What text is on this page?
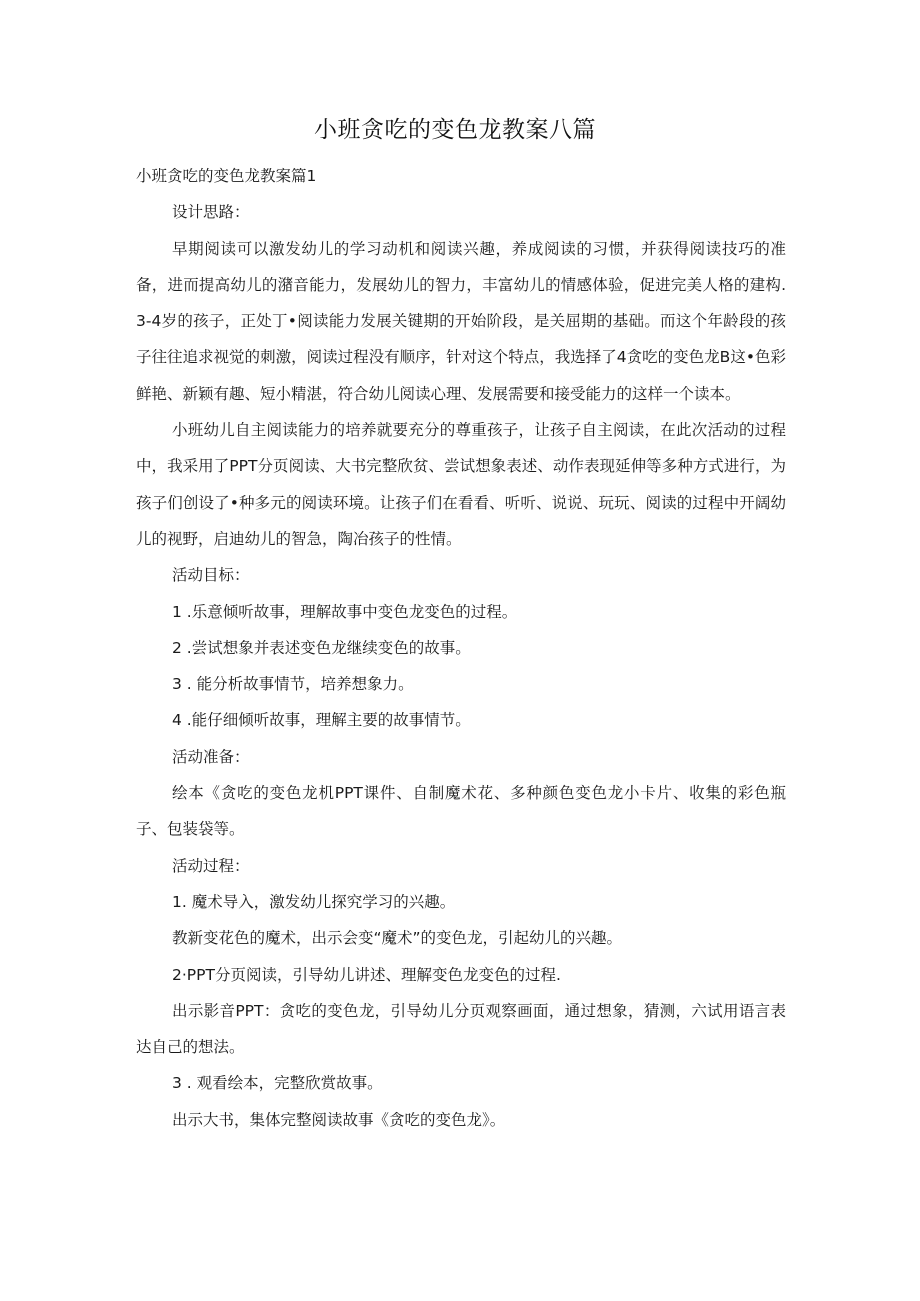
小班贪吃的变色龙教案八篇

小班贪吃的变色龙教案篇1

设计思路：

早期阅读可以激发幼儿的学习动机和阅读兴趣，养成阅读的习惯，并获得阅读技巧的准备，进而提高幼儿的潴音能力，发展幼儿的智力，丰富幼儿的情感体验，促进完美人格的建构. 3-4岁的孩子，正处丁•阅读能力发展关键期的开始阶段，是关屈期的基础。而这个年龄段的孩子往往追求视觉的刺激，阅读过程没有顺序，针对这个特点，我选择了4贪吃的变色龙B这•色彩鲜艳、新颖有趣、短小精湛，符合幼儿阅读心理、发展需要和接受能力的这样一个读本。

小班幼儿自主阅读能力的培养就要充分的尊重孩子，让孩子自主阅读，在此次活动的过程中，我采用了PPT分页阅读、大书完整欣贫、尝试想象表述、动作表现延伸等多种方式进行，为孩子们创设了•种多元的阅读环境。让孩子们在看看、听听、说说、玩玩、阅读的过程中开阔幼儿的视野，启迪幼儿的智急，陶冶孩子的性情。

活动目标：

1 .乐意倾听故事，理解故事中变色龙变色的过程。

2 .尝试想象并表述变色龙继续变色的故事。

3 . 能分析故事情节，培养想象力。

4 .能仔细倾听故事，理解主要的故事情节。

活动准备：

绘本《贪吃的变色龙机PPT课件、自制魔术花、多种颜色变色龙小卡片、收集的彩色瓶子、包装袋等。

活动过程：

1. 魔术导入，激发幼儿探究学习的兴趣。

教新变花色的魔术，出示会变“魔术”的变色龙，引起幼儿的兴趣。

2·PPT分页阅读，引导幼儿讲述、理解变色龙变色的过程.

出示影音PPT：贪吃的变色龙，引导幼儿分页观察画面，通过想象，猜测，六试用语言表达自己的想法。

3 . 观看绘本，完整欣赏故事。

出示大书，集体完整阅读故事《贪吃的变色龙》。
